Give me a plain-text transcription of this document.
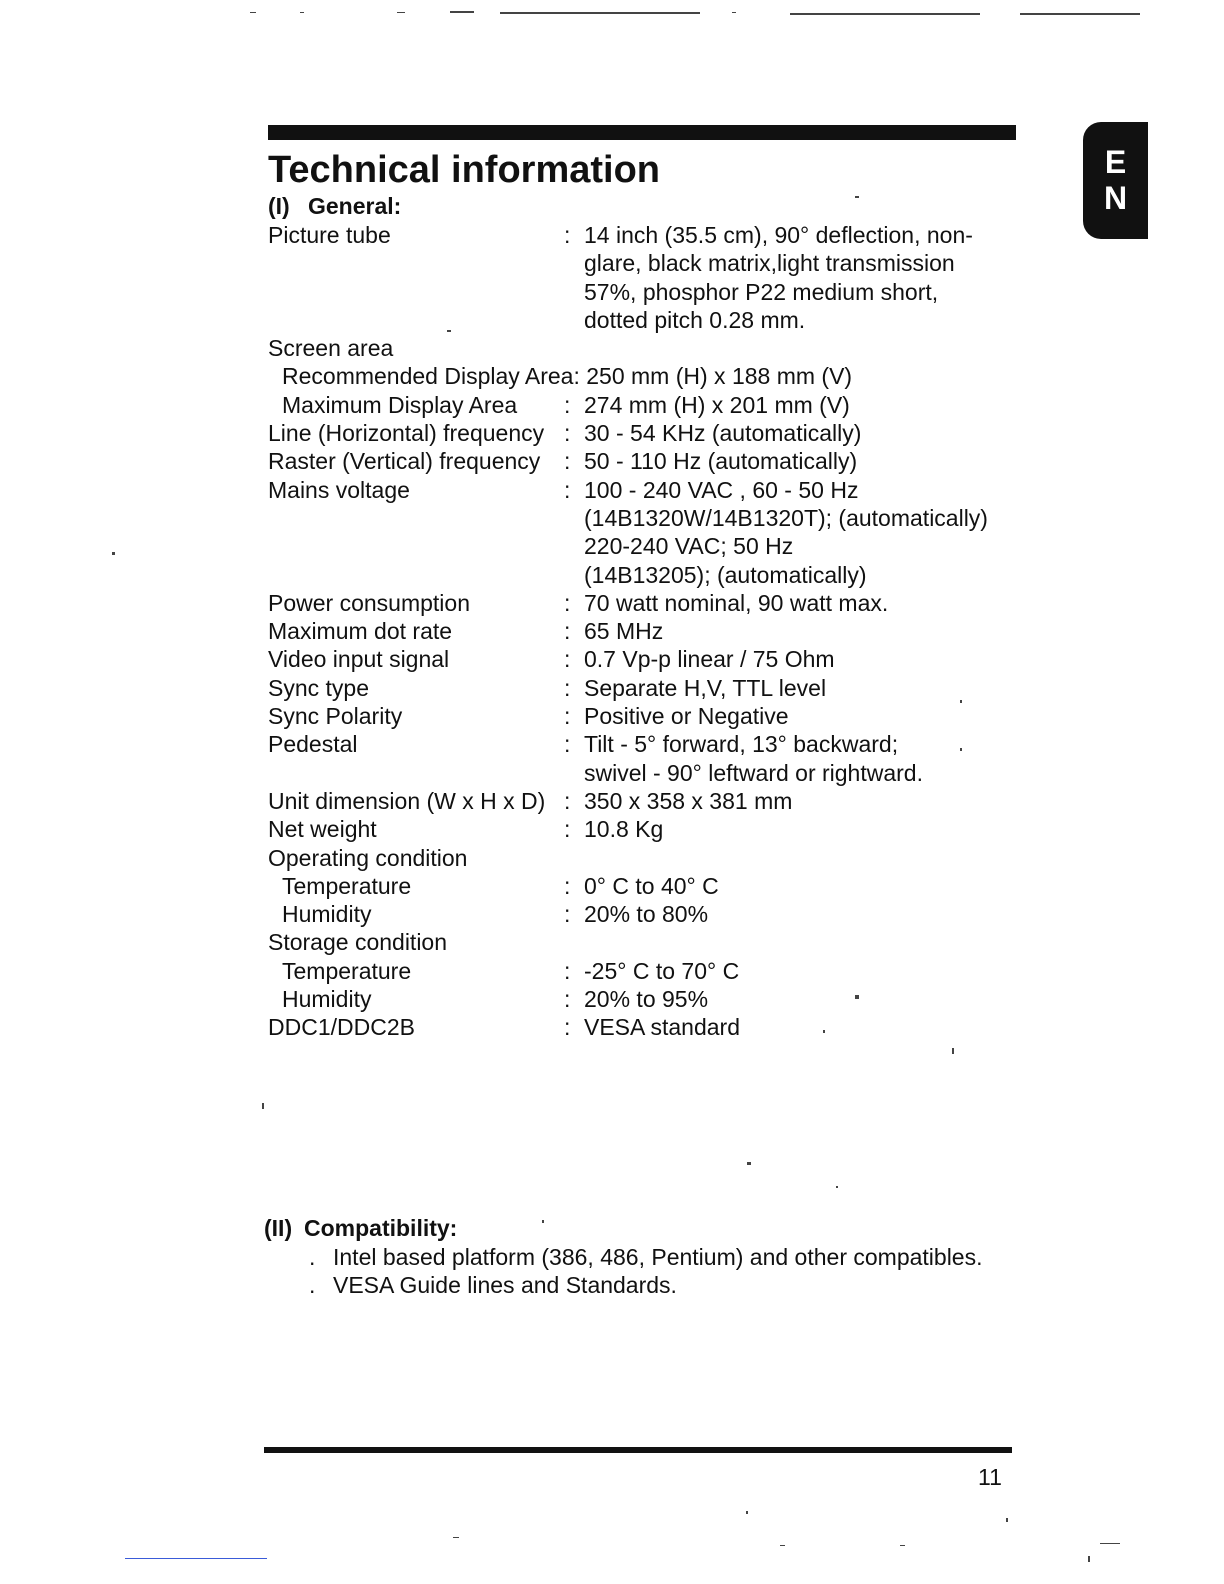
E
N
Technical information
(I) General:
Picture tube	: 14 inch (35.5 cm), 90° deflection, non-
glare, black matrix,light transmission
57%, phosphor P22 medium short,
dotted pitch 0.28 mm.
Screen area
Recommended Display Area: 250 mm (H) x 188 mm (V)
Maximum Display Area	: 274 mm (H) x 201 mm (V)
Line (Horizontal) frequency : 30 - 54 KHz (automatically)
Raster (Vertical) frequency	: 50 - 110 Hz (automatically)
Mains voltage	: 100 - 240 VAC , 60 - 50 Hz
(14B1320W/14B1320T); (automatically)
220-240 VAC; 50 Hz
(14B13205); (automatically)
Power consumption	: 70 watt nominal, 90 watt max.
Maximum dot rate	: 65 MHz
Video input signal	: 0.7 Vp-p linear / 75 Ohm
Sync type	: Separate H,V, TTL level
Sync Polarity	: Positive or Negative
Pedestal	: Tilt - 5° forward, 13° backward;
swivel - 90° leftward or rightward.
Unit dimension (W x H x D) : 350 x 358 x 381 mm
Net weight	: 10.8 Kg
Operating condition
Temperature	: 0° C to 40° C
Humidity	: 20% to 80%
Storage condition
Temperature	: -25° C to 70° C
Humidity	: 20% to 95%
DDC1/DDC2B	: VESA standard
(II) Compatibility:
. Intel based platform (386, 486, Pentium) and other compatibles.
. VESA Guide lines and Standards.
11
